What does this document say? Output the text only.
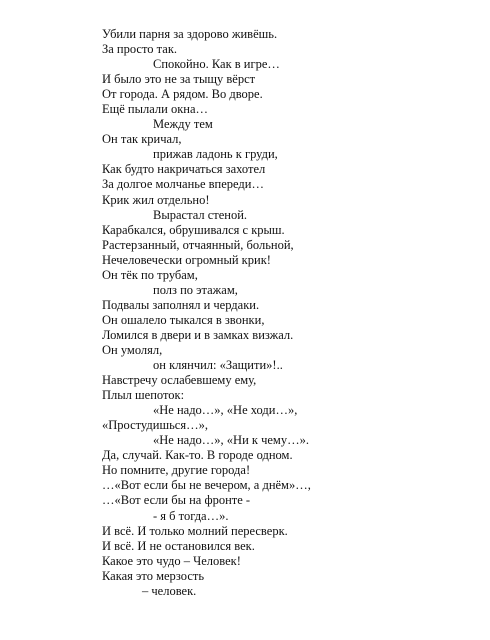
Убили парня за здорово живёшь.
За просто так.
Спокойно. Как в игре…
И было это не за тыщу вёрст
От города. А рядом. Во дворе.
Ещё пылали окна…
Между тем
Он так кричал,
прижав ладонь к груди,
Как будто накричаться захотел
За долгое молчанье впереди…
Крик жил отдельно!
Вырастал стеной.
Карабкался, обрушивался с крыш.
Растерзанный, отчаянный, больной,
Нечеловечески огромный крик!
Он тёк по трубам,
полз по этажам,
Подвалы заполнял и чердаки.
Он ошалело тыкался в звонки,
Ломился в двери и в замках визжал.
Он умолял,
он клянчил: «Защити»!..
Навстречу ослабевшему ему,
Плыл шепоток:
«Не надо…», «Не ходи…»,
«Простудишься…»,
«Не надо…», «Ни к чему…».
Да, случай. Как-то. В городе одном.
Но помните, другие города!
…«Вот если бы не вечером, а днём»…,
…«Вот если бы на фронте -
- я б тогда…».
И всё. И только молний пересверк.
И всё. И не остановился век.
Какое это чудо – Человек!
Какая это мерзость
– человек.
